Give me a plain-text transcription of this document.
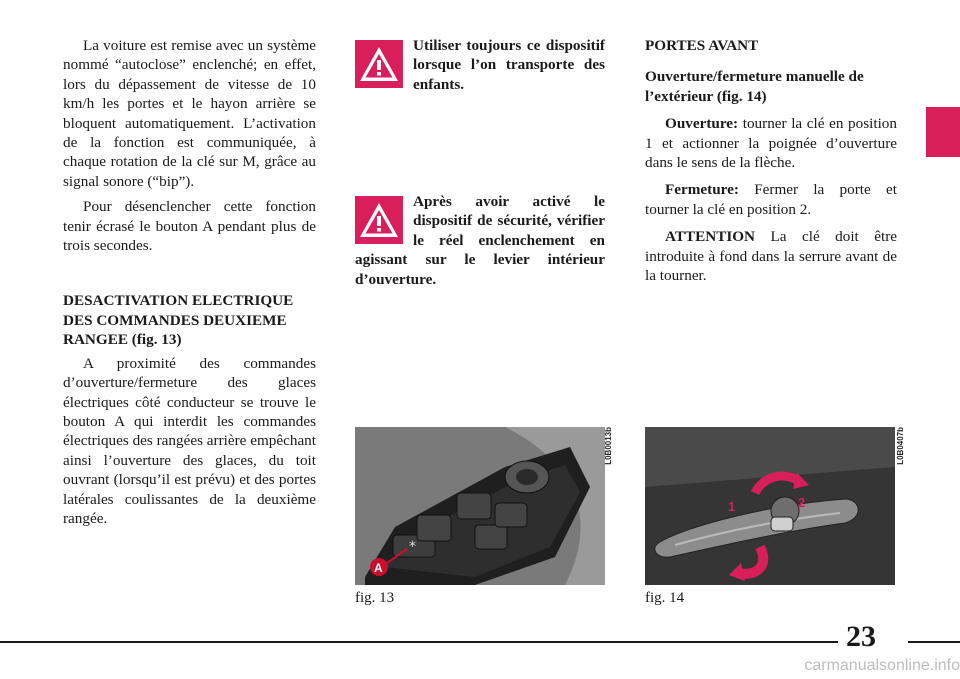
La voiture est remise avec un système nommé “autoclose” enclenché; en effet, lors du dépassement de vitesse de 10 km/h les portes et le hayon arrière se bloquent automatiquement. L’activation de la fonction est communiquée, à chaque rotation de la clé sur M, grâce au signal sonore (“bip”).

Pour désenclencher cette fonction tenir écrasé le bouton A pendant plus de trois secondes.

DESACTIVATION ELECTRIQUE DES COMMANDES DEUXIEME RANGEE (fig. 13)

A proximité des commandes d’ouverture/fermeture des glaces électriques côté conducteur se trouve le bouton A qui interdit les commandes électriques des rangées arrière empêchant ainsi l’ouverture des glaces, du toit ouvrant (lorsqu’il est prévu) et des portes latérales coulissantes de la deuxième rangée.

Utiliser toujours ce dispositif lorsque l’on transporte des enfants.

Après avoir activé le dispositif de sécurité, vérifier le réel enclenchement en agissant sur le levier intérieur d’ouverture.

PORTES AVANT

Ouverture/fermeture manuelle de l’extérieur (fig. 14)

Ouverture: tourner la clé en position 1 et actionner la poignée d’ouverture dans le sens de la flèche.

Fermeture: Fermer la porte et tourner la clé en position 2.

ATTENTION La clé doit être introduite à fond dans la serrure avant de la tourner.

*
A
L0B0013b
fig. 13
1	2
L0B0407b
fig. 14
23
carmanualsonline.info
